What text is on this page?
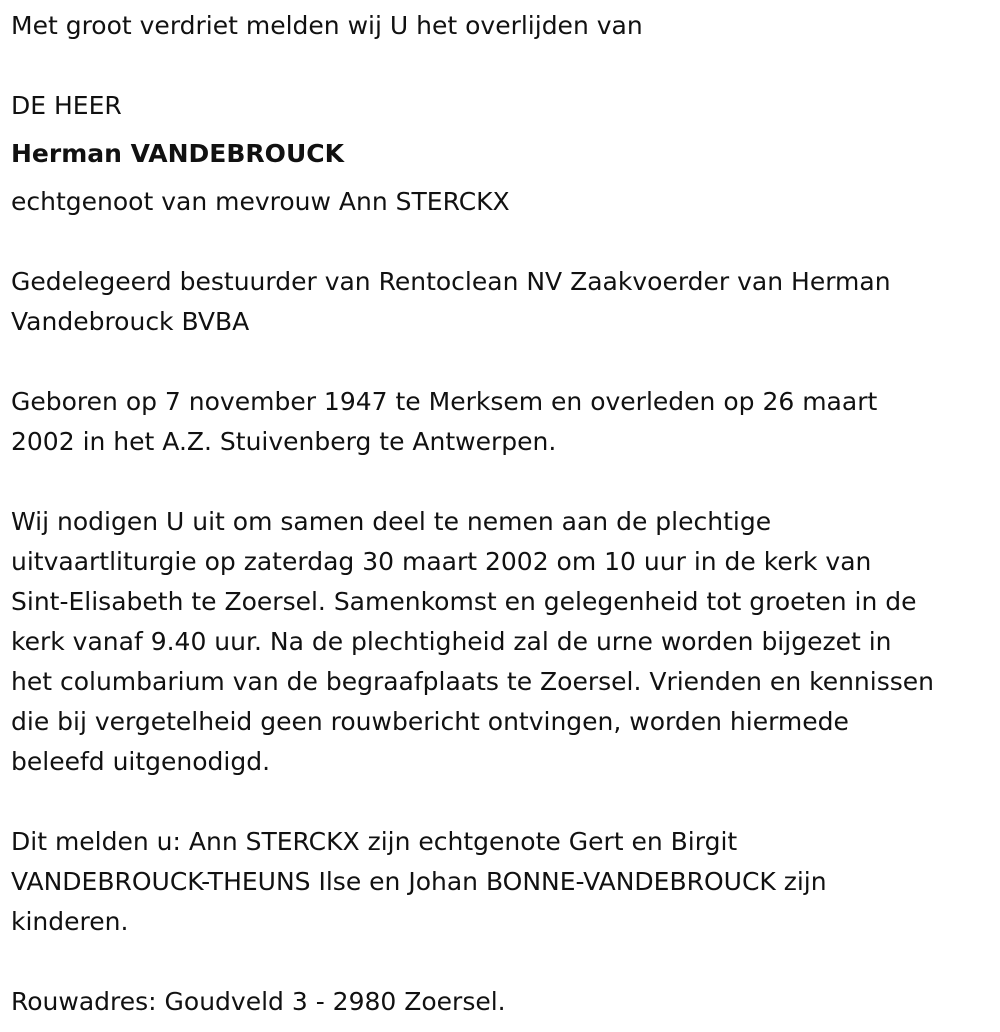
Met groot verdriet melden wij U het overlijden van

DE HEER

Herman VANDEBROUCK

echtgenoot van mevrouw Ann STERCKX

Gedelegeerd bestuurder van Rentoclean NV Zaakvoerder van Herman

Vandebrouck BVBA

Geboren op 7 november 1947 te Merksem en overleden op 26 maart

2002 in het A.Z. Stuivenberg te Antwerpen.

Wij nodigen U uit om samen deel te nemen aan de plechtige

uitvaartliturgie op zaterdag 30 maart 2002 om 10 uur in de kerk van

Sint-Elisabeth te Zoersel. Samenkomst en gelegenheid tot groeten in de

kerk vanaf 9.40 uur. Na de plechtigheid zal de urne worden bijgezet in

het columbarium van de begraafplaats te Zoersel. Vrienden en kennissen

die bij vergetelheid geen rouwbericht ontvingen, worden hiermede

beleefd uitgenodigd.

Dit melden u: Ann STERCKX zijn echtgenote Gert en Birgit

VANDEBROUCK-THEUNS Ilse en Johan BONNE-VANDEBROUCK zijn

kinderen.

Rouwadres: Goudveld 3 - 2980 Zoersel.
